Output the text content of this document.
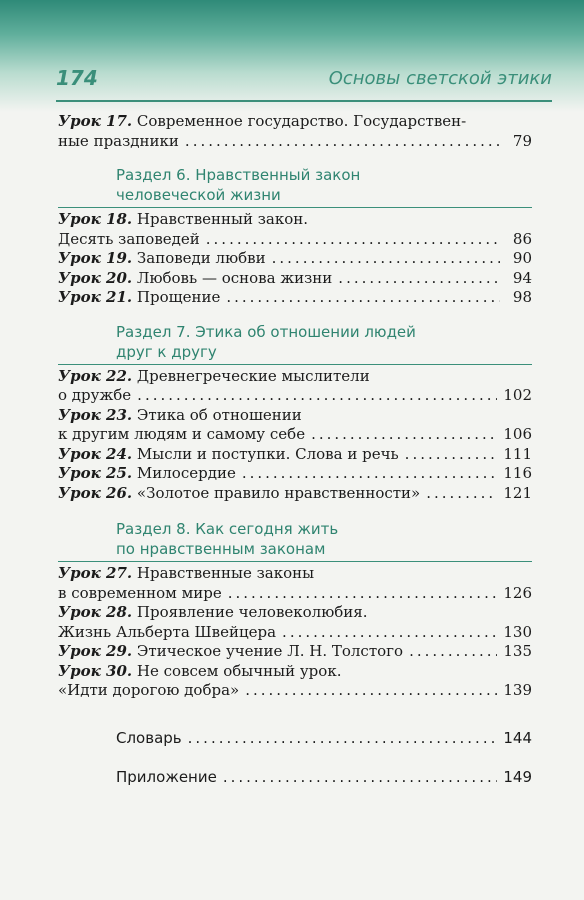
174	Основы светской этики
Урок 17.
Современное государство. Государствен-
ные праздники .....	79
Раздел 6. Нравственный закон
человеческой жизни
Урок 18.
Нравственный закон.
Десять заповедей .....	86
Урок 19.
Заповеди любви .....	90
Урок 20.
Любовь — основа жизни .....	94
Урок 21.
Прощение .....	98
Раздел 7. Этика об отношении людей
друг к другу
Урок 22.
Древнегреческие мыслители
о дружбе .....	102
Урок 23.
Этика об отношении
к другим людям и самому себе .....	106
Урок 24.
Мысли и поступки. Слова и речь .....	111
Урок 25.
Милосердие .....	116
Урок 26.
«Золотое правило нравственности» .....	121
Раздел 8. Как сегодня жить
по нравственным законам
Урок 27.
Нравственные законы
в современном мире .....	126
Урок 28.
Проявление человеколюбия.
Жизнь Альберта Швейцера .....	130
Урок 29.
Этическое учение Л. Н. Толстого .....	135
Урок 30.
Не совсем обычный урок.
«Идти дорогою добра» .....	139
Словарь .....	144
Приложение .....	149
